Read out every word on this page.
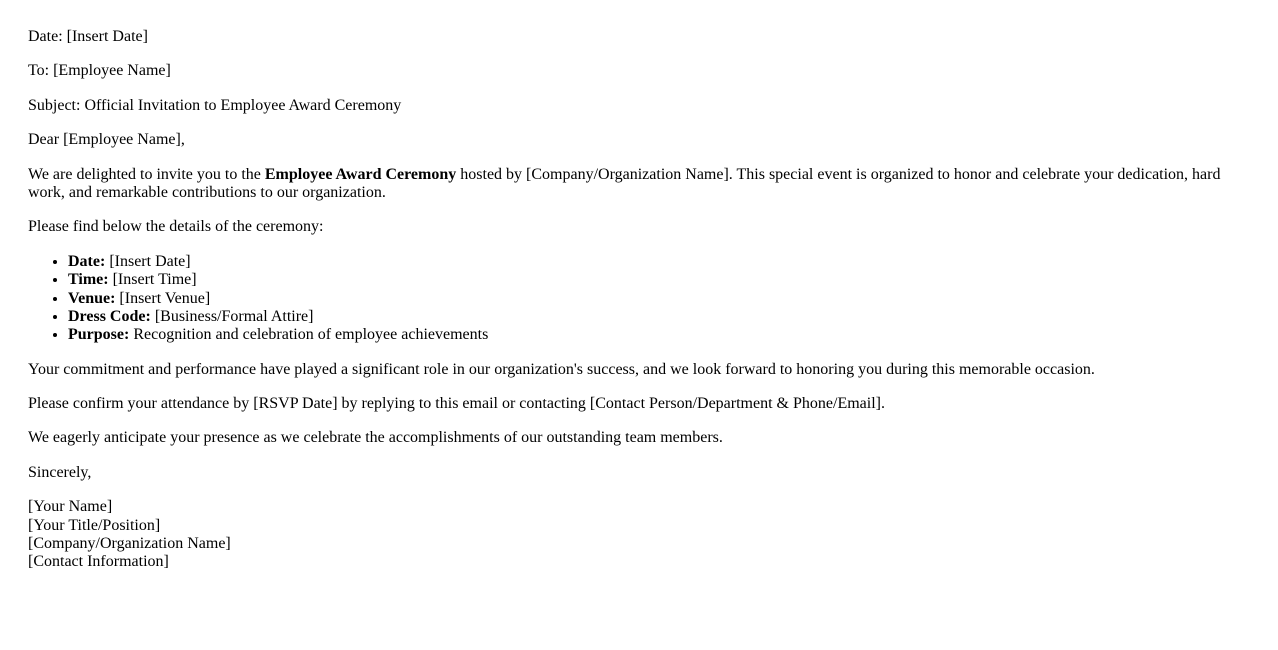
Date: [Insert Date]

To: [Employee Name]

Subject: Official Invitation to Employee Award Ceremony

Dear [Employee Name],

We are delighted to invite you to the Employee Award Ceremony hosted by [Company/Organization Name]. This special event is organized to honor and celebrate your dedication, hard work, and remarkable contributions to our organization.

Please find below the details of the ceremony:

• Date: [Insert Date]
• Time: [Insert Time]
• Venue: [Insert Venue]
• Dress Code: [Business/Formal Attire]
• Purpose: Recognition and celebration of employee achievements

Your commitment and performance have played a significant role in our organization's success, and we look forward to honoring you during this memorable occasion.

Please confirm your attendance by [RSVP Date] by replying to this email or contacting [Contact Person/Department & Phone/Email].

We eagerly anticipate your presence as we celebrate the accomplishments of our outstanding team members.

Sincerely,

[Your Name]
[Your Title/Position]
[Company/Organization Name]
[Contact Information]
